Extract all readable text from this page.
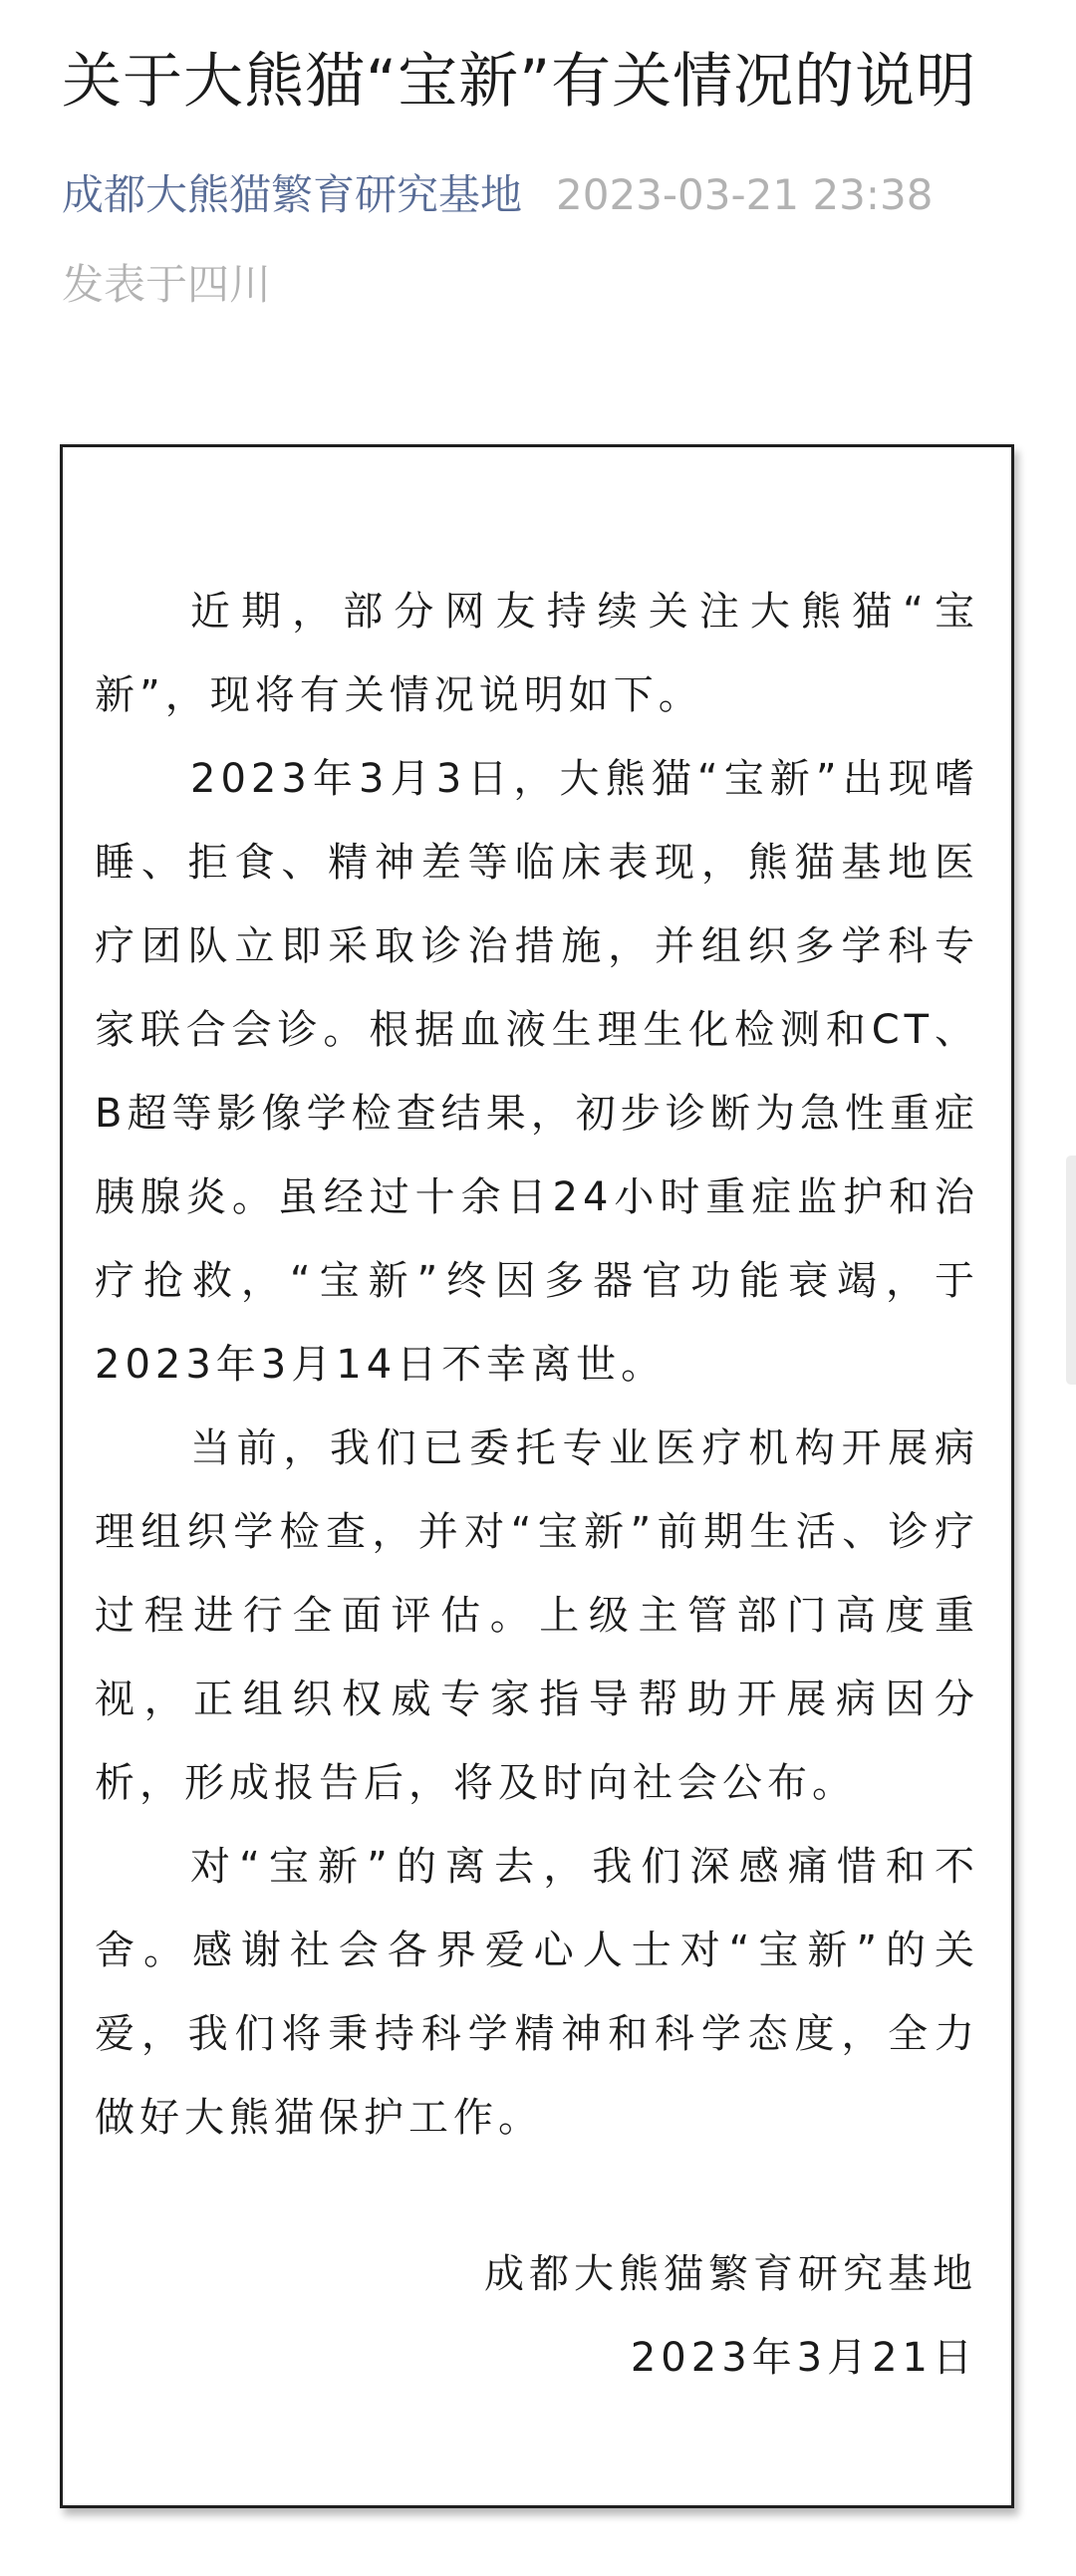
关于大熊猫“宝新”有关情况的说明
成都大熊猫繁育研究基地 2023-03-21 23:38
发表于四川

近期，部分网友持续关注大熊猫“宝新”，现将有关情况说明如下。

2023年3月3日，大熊猫“宝新”出现嗜睡、拒食、精神差等临床表现，熊猫基地医疗团队立即采取诊治措施，并组织多学科专家联合会诊。根据血液生理生化检测和CT、B超等影像学检查结果，初步诊断为急性重症胰腺炎。虽经过十余日24小时重症监护和治疗抢救，“宝新”终因多器官功能衰竭，于2023年3月14日不幸离世。

当前，我们已委托专业医疗机构开展病理组织学检查，并对“宝新”前期生活、诊疗过程进行全面评估。上级主管部门高度重视，正组织权威专家指导帮助开展病因分析，形成报告后，将及时向社会公布。

对“宝新”的离去，我们深感痛惜和不舍。感谢社会各界爱心人士对“宝新”的关爱，我们将秉持科学精神和科学态度，全力做好大熊猫保护工作。

成都大熊猫繁育研究基地
2023年3月21日
